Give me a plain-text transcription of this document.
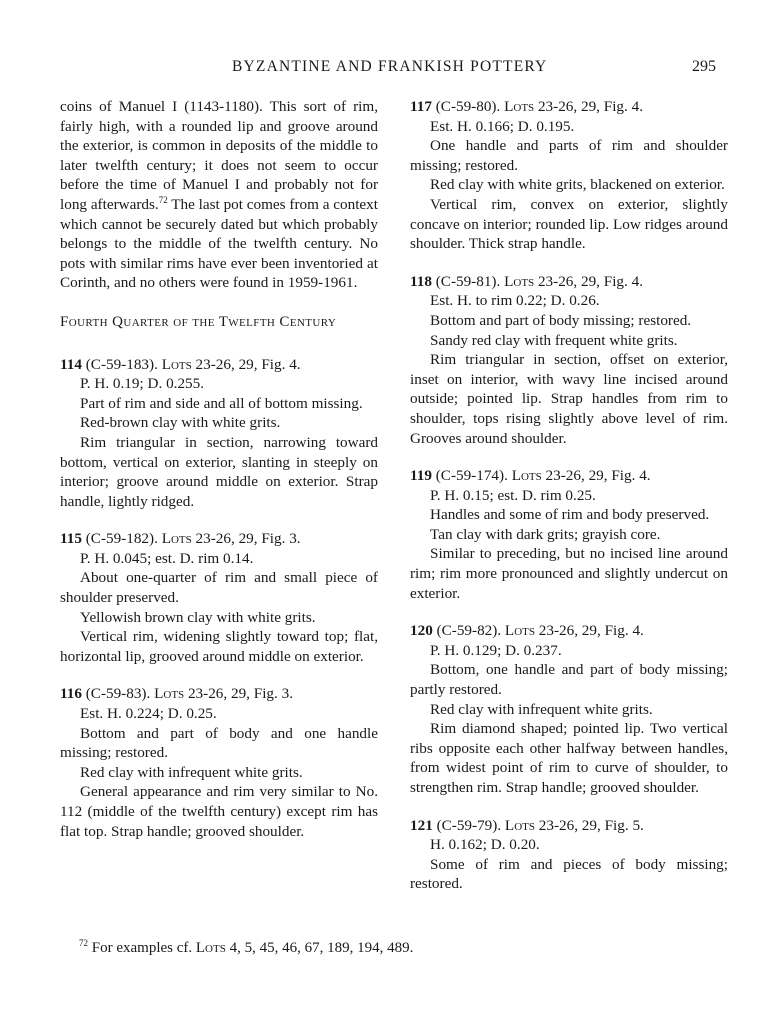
BYZANTINE AND FRANKISH POTTERY	295

coins of Manuel I (1143-1180). This sort of rim, fairly high, with a rounded lip and groove around the exterior, is common in deposits of the middle to later twelfth century; it does not seem to occur before the time of Manuel I and probably not for long afterwards.$^{72}$ The last pot comes from a context which cannot be securely dated but which probably belongs to the middle of the twelfth century. No pots with similar rims have ever been inventoried at Corinth, and no others were found in 1959-1961.

Fourth Quarter of the Twelfth Century

114 (C-59-183). Lots 23-26, 29, Fig. 4.

P. H. 0.19; D. 0.255.

Part of rim and side and all of bottom missing.

Red-brown clay with white grits.

Rim triangular in section, narrowing toward bottom, vertical on exterior, slanting in steeply on interior; groove around middle on exterior. Strap handle, lightly ridged.

115 (C-59-182). Lots 23-26, 29, Fig. 3.

P. H. 0.045; est. D. rim 0.14.

About one-quarter of rim and small piece of shoulder preserved.

Yellowish brown clay with white grits.

Vertical rim, widening slightly toward top; flat, horizontal lip, grooved around middle on exterior.

116 (C-59-83). Lots 23-26, 29, Fig. 3.

Est. H. 0.224; D. 0.25.

Bottom and part of body and one handle missing; restored.

Red clay with infrequent white grits.

General appearance and rim very similar to No. 112 (middle of the twelfth century) except rim has flat top. Strap handle; grooved shoulder.

117 (C-59-80). Lots 23-26, 29, Fig. 4.

Est. H. 0.166; D. 0.195.

One handle and parts of rim and shoulder missing; restored.

Red clay with white grits, blackened on exterior.

Vertical rim, convex on exterior, slightly concave on interior; rounded lip. Low ridges around shoulder. Thick strap handle.

118 (C-59-81). Lots 23-26, 29, Fig. 4.

Est. H. to rim 0.22; D. 0.26.

Bottom and part of body missing; restored.

Sandy red clay with frequent white grits.

Rim triangular in section, offset on exterior, inset on interior, with wavy line incised around outside; pointed lip. Strap handles from rim to shoulder, tops rising slightly above level of rim. Grooves around shoulder.

119 (C-59-174). Lots 23-26, 29, Fig. 4.

P. H. 0.15; est. D. rim 0.25.

Handles and some of rim and body preserved.

Tan clay with dark grits; grayish core.

Similar to preceding, but no incised line around rim; rim more pronounced and slightly undercut on exterior.

120 (C-59-82). Lots 23-26, 29, Fig. 4.

P. H. 0.129; D. 0.237.

Bottom, one handle and part of body missing; partly restored.

Red clay with infrequent white grits.

Rim diamond shaped; pointed lip. Two vertical ribs opposite each other halfway between handles, from widest point of rim to curve of shoulder, to strengthen rim. Strap handle; grooved shoulder.

121 (C-59-79). Lots 23-26, 29, Fig. 5.

H. 0.162; D. 0.20.

Some of rim and pieces of body missing; restored.

$^{72}$ For examples cf. Lots 4, 5, 45, 46, 67, 189, 194, 489.
